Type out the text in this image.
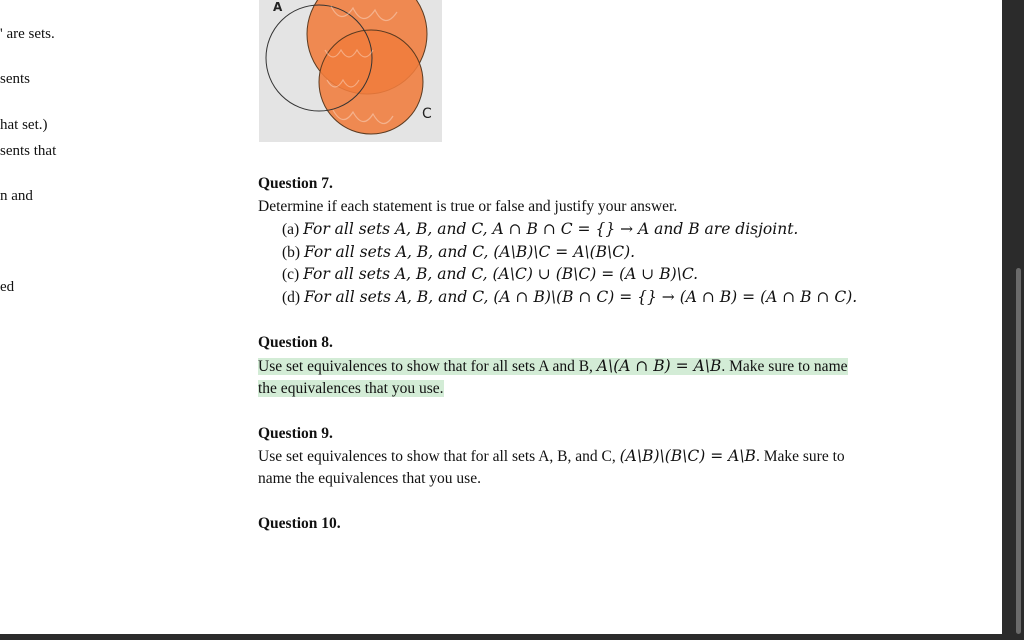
' are sets.
sents
hat set.)
sents that
n and
ed
A
C
Question 7.
Determine if each statement is true or false and justify your answer.
(a) For all sets A, B, and C, A ∩ B ∩ C = {} → A and B are disjoint.
(b) For all sets A, B, and C, (A\B)\C = A\(B\C).
(c) For all sets A, B, and C, (A\C) ∪ (B\C) = (A ∪ B)\C.
(d) For all sets A, B, and C, (A ∩ B)\(B ∩ C) = {} → (A ∩ B) = (A ∩ B ∩ C).
Question 8.
Use set equivalences to show that for all sets A and B, A\(A ∩ B) = A\B. Make sure to name
the equivalences that you use.
Question 9.
Use set equivalences to show that for all sets A, B, and C, (A\B)\(B\C) = A\B. Make sure to
name the equivalences that you use.
Question 10.
